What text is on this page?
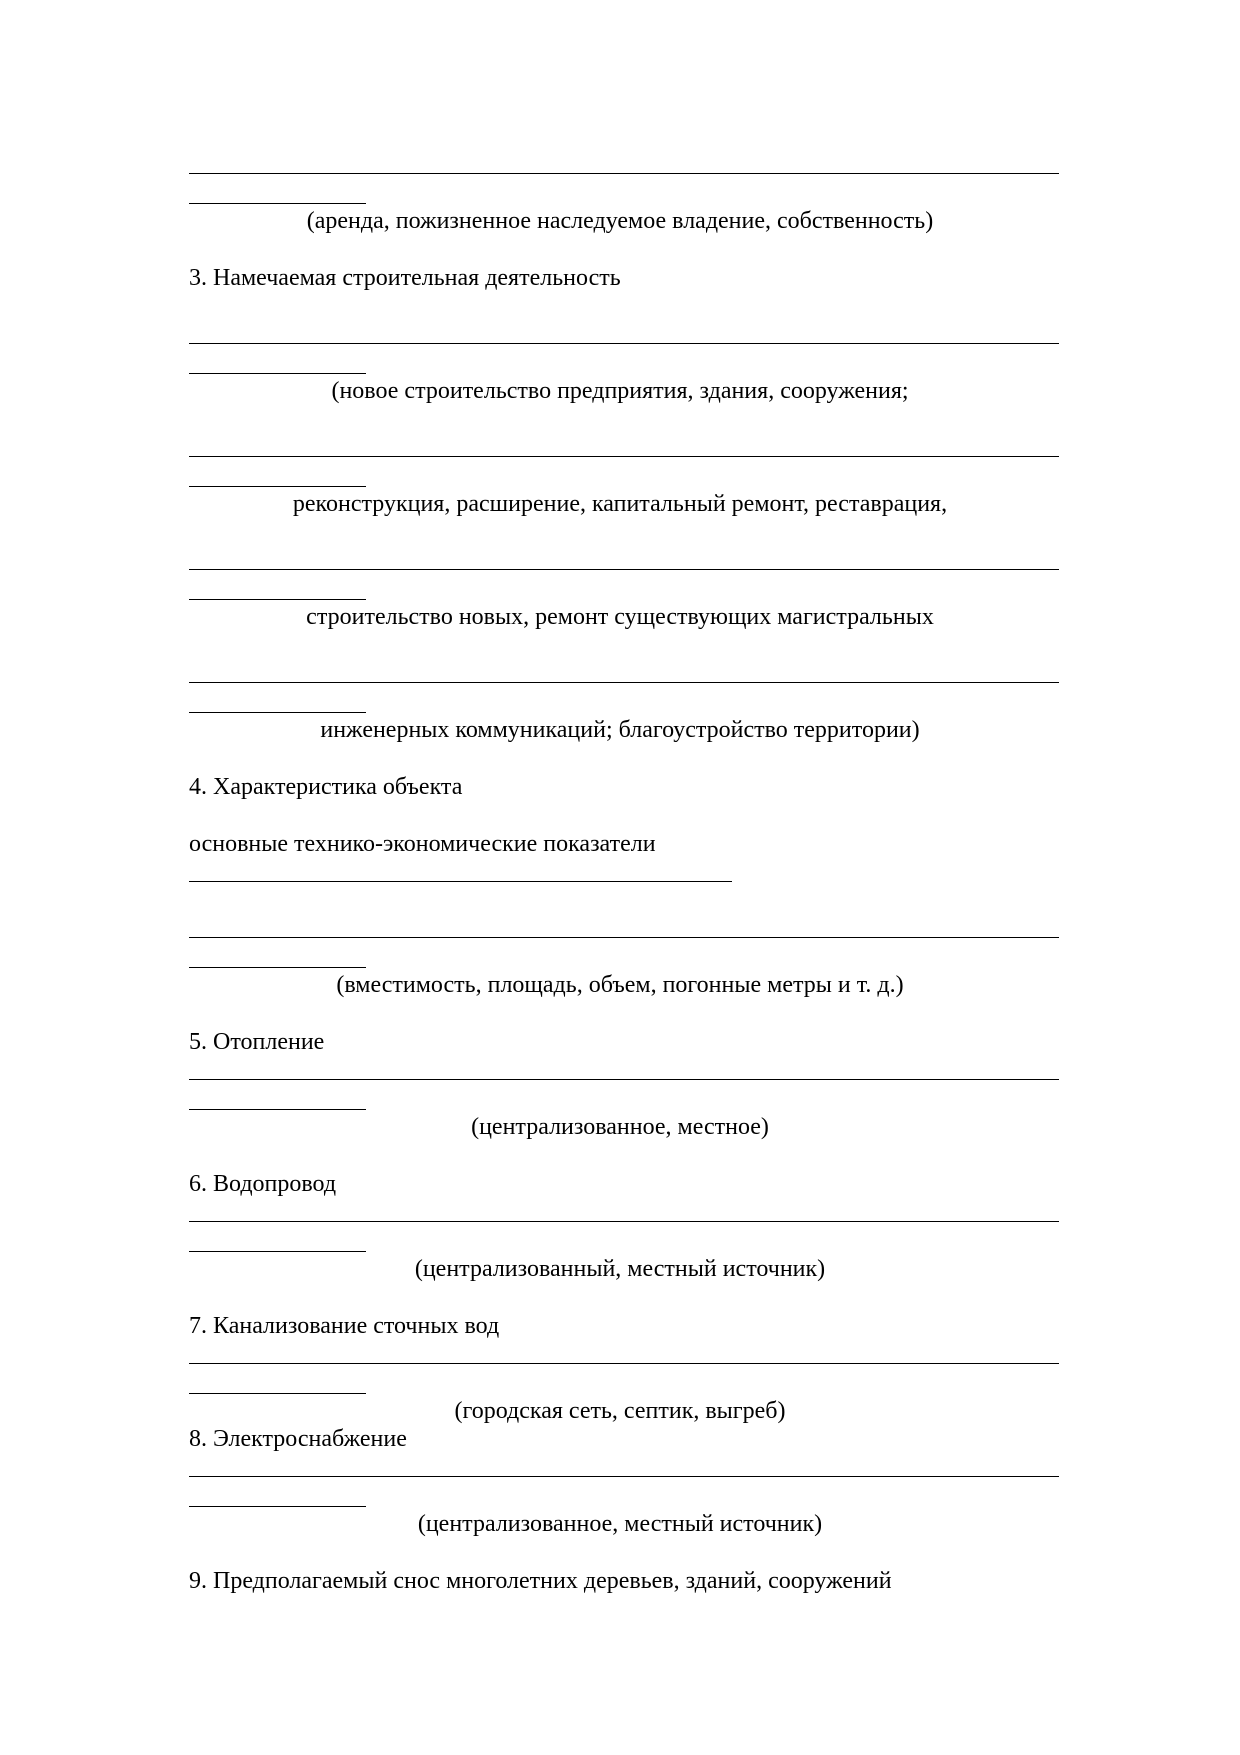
(аренда, пожизненное наследуемое владение, собственность)
3. Намечаемая строительная деятельность
(новое строительство предприятия, здания, сооружения;
реконструкция, расширение, капитальный ремонт, реставрация,
строительство новых, ремонт существующих магистральных
инженерных коммуникаций; благоустройство территории)
4. Характеристика объекта
основные технико-экономические показатели
(вместимость, площадь, объем, погонные метры и т. д.)
5. Отопление
(централизованное, местное)
6. Водопровод
(централизованный, местный источник)
7. Канализование сточных вод
(городская сеть, септик, выгреб)
8. Электроснабжение
(централизованное, местный источник)
9. Предполагаемый снос многолетних деревьев, зданий, сооружений
